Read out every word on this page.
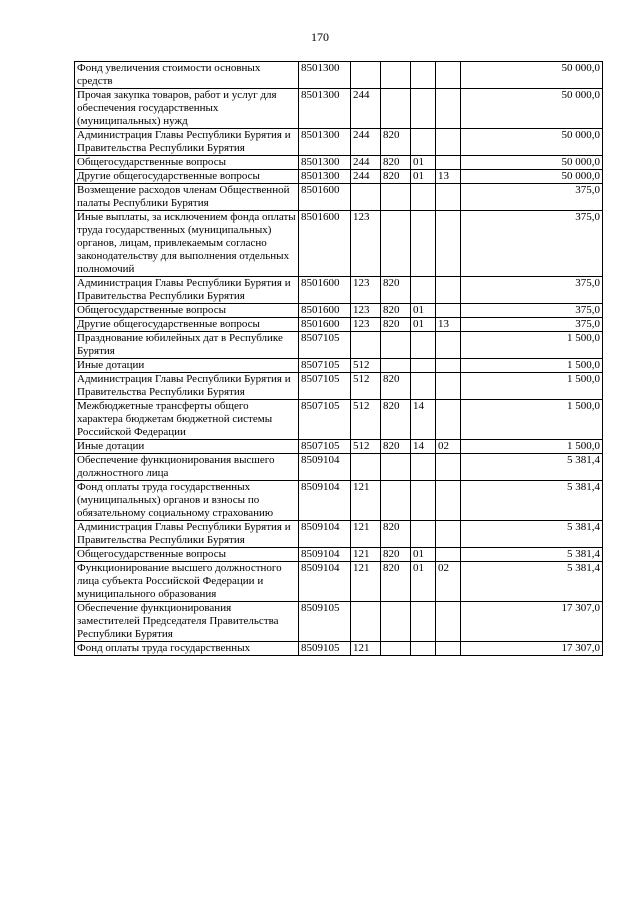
170
Фонд увеличения стоимости основных средств	8501300					50 000,0
Прочая закупка товаров, работ и услуг для обеспечения государственных (муниципальных) нужд	8501300	244				50 000,0
Администрация Главы Республики Бурятия и Правительства Республики Бурятия	8501300	244	820			50 000,0
Общегосударственные вопросы	8501300	244	820	01		50 000,0
Другие общегосударственные вопросы	8501300	244	820	01	13	50 000,0
Возмещение расходов членам Общественной палаты Республики Бурятия	8501600					375,0
Иные выплаты, за исключением фонда оплаты труда государственных (муниципальных) органов, лицам, привлекаемым согласно законодательству для выполнения отдельных полномочий	8501600	123				375,0
Администрация Главы Республики Бурятия и Правительства Республики Бурятия	8501600	123	820			375,0
Общегосударственные вопросы	8501600	123	820	01		375,0
Другие общегосударственные вопросы	8501600	123	820	01	13	375,0
Празднование юбилейных дат в Республике Бурятия	8507105					1 500,0
Иные дотации	8507105	512				1 500,0
Администрация Главы Республики Бурятия и Правительства Республики Бурятия	8507105	512	820			1 500,0
Межбюджетные трансферты общего характера бюджетам бюджетной системы Российской Федерации	8507105	512	820	14		1 500,0
Иные дотации	8507105	512	820	14	02	1 500,0
Обеспечение функционирования высшего должностного лица	8509104					5 381,4
Фонд оплаты труда государственных (муниципальных) органов и взносы по обязательному социальному страхованию	8509104	121				5 381,4
Администрация Главы Республики Бурятия и Правительства Республики Бурятия	8509104	121	820			5 381,4
Общегосударственные вопросы	8509104	121	820	01		5 381,4
Функционирование высшего должностного лица субъекта Российской Федерации и муниципального образования	8509104	121	820	01	02	5 381,4
Обеспечение функционирования заместителей Председателя Правительства Республики Бурятия	8509105					17 307,0
Фонд оплаты труда государственных	8509105	121				17 307,0
